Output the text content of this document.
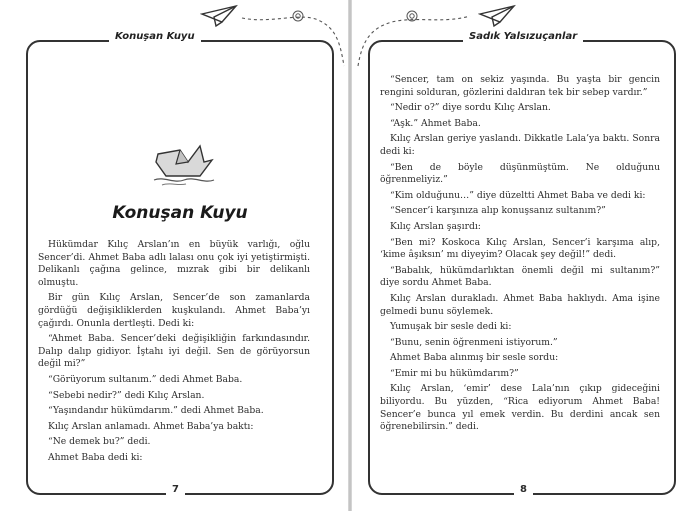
Konuşan Kuyu
Konuşan Kuyu

Hükümdar Kılıç Arslan’ın en büyük varlığı, oğlu Sencer’di. Ahmet Baba adlı lalası onu çok iyi yetiştirmişti. Delikanlı çağına gelince, mızrak gibi bir delikanlı olmuştu.

Bir gün Kılıç Arslan, Sencer’de son zamanlarda gördüğü değişikliklerden kuşkulandı. Ahmet Baba’yı çağırdı. Onunla dertleşti. Dedi ki:

“Ahmet Baba. Sencer’deki değişikliğin farkındasındır. Dalıp dalıp gidiyor. İştahı iyi değil. Sen de görüyorsun değil mi?”

“Görüyorum sultanım.” dedi Ahmet Baba.

“Sebebi nedir?” dedi Kılıç Arslan.

“Yaşındandır hükümdarım.” dedi Ahmet Baba.

Kılıç Arslan anlamadı. Ahmet Baba’ya baktı:

“Ne demek bu?” dedi.

Ahmet Baba dedi ki:

7
Sadık Yalsızuçanlar

“Sencer, tam on sekiz yaşında. Bu yaşta bir gencin rengini solduran, gözlerini daldıran tek bir sebep vardır.”

“Nedir o?” diye sordu Kılıç Arslan.

“Aşk.” Ahmet Baba.

Kılıç Arslan geriye yaslandı. Dikkatle Lala’ya baktı. Sonra dedi ki:

“Ben de böyle düşünmüştüm. Ne olduğunu öğrenmeliyiz.”

“Kim olduğunu…” diye düzeltti Ahmet Baba ve dedi ki:

“Sencer’i karşınıza alıp konuşsanız sultanım?”

Kılıç Arslan şaşırdı:

“Ben mi? Koskoca Kılıç Arslan, Sencer’i karşıma alıp, ‘kime âşıksın’ mı diyeyim? Olacak şey değil!” dedi.

“Babalık, hükümdarlıktan önemli değil mi sultanım?” diye sordu Ahmet Baba.

Kılıç Arslan durakladı. Ahmet Baba haklıydı. Ama işine gelmedi bunu söylemek.

Yumuşak bir sesle dedi ki:

“Bunu, senin öğrenmeni istiyorum.”

Ahmet Baba alınmış bir sesle sordu:

“Emir mi bu hükümdarım?”

Kılıç Arslan, ‘emir’ dese Lala’nın çıkıp gideceğini biliyordu. Bu yüzden, “Rica ediyorum Ahmet Baba! Sencer’e bunca yıl emek verdin. Bu derdini ancak sen öğrenebilirsin.” dedi.

8
